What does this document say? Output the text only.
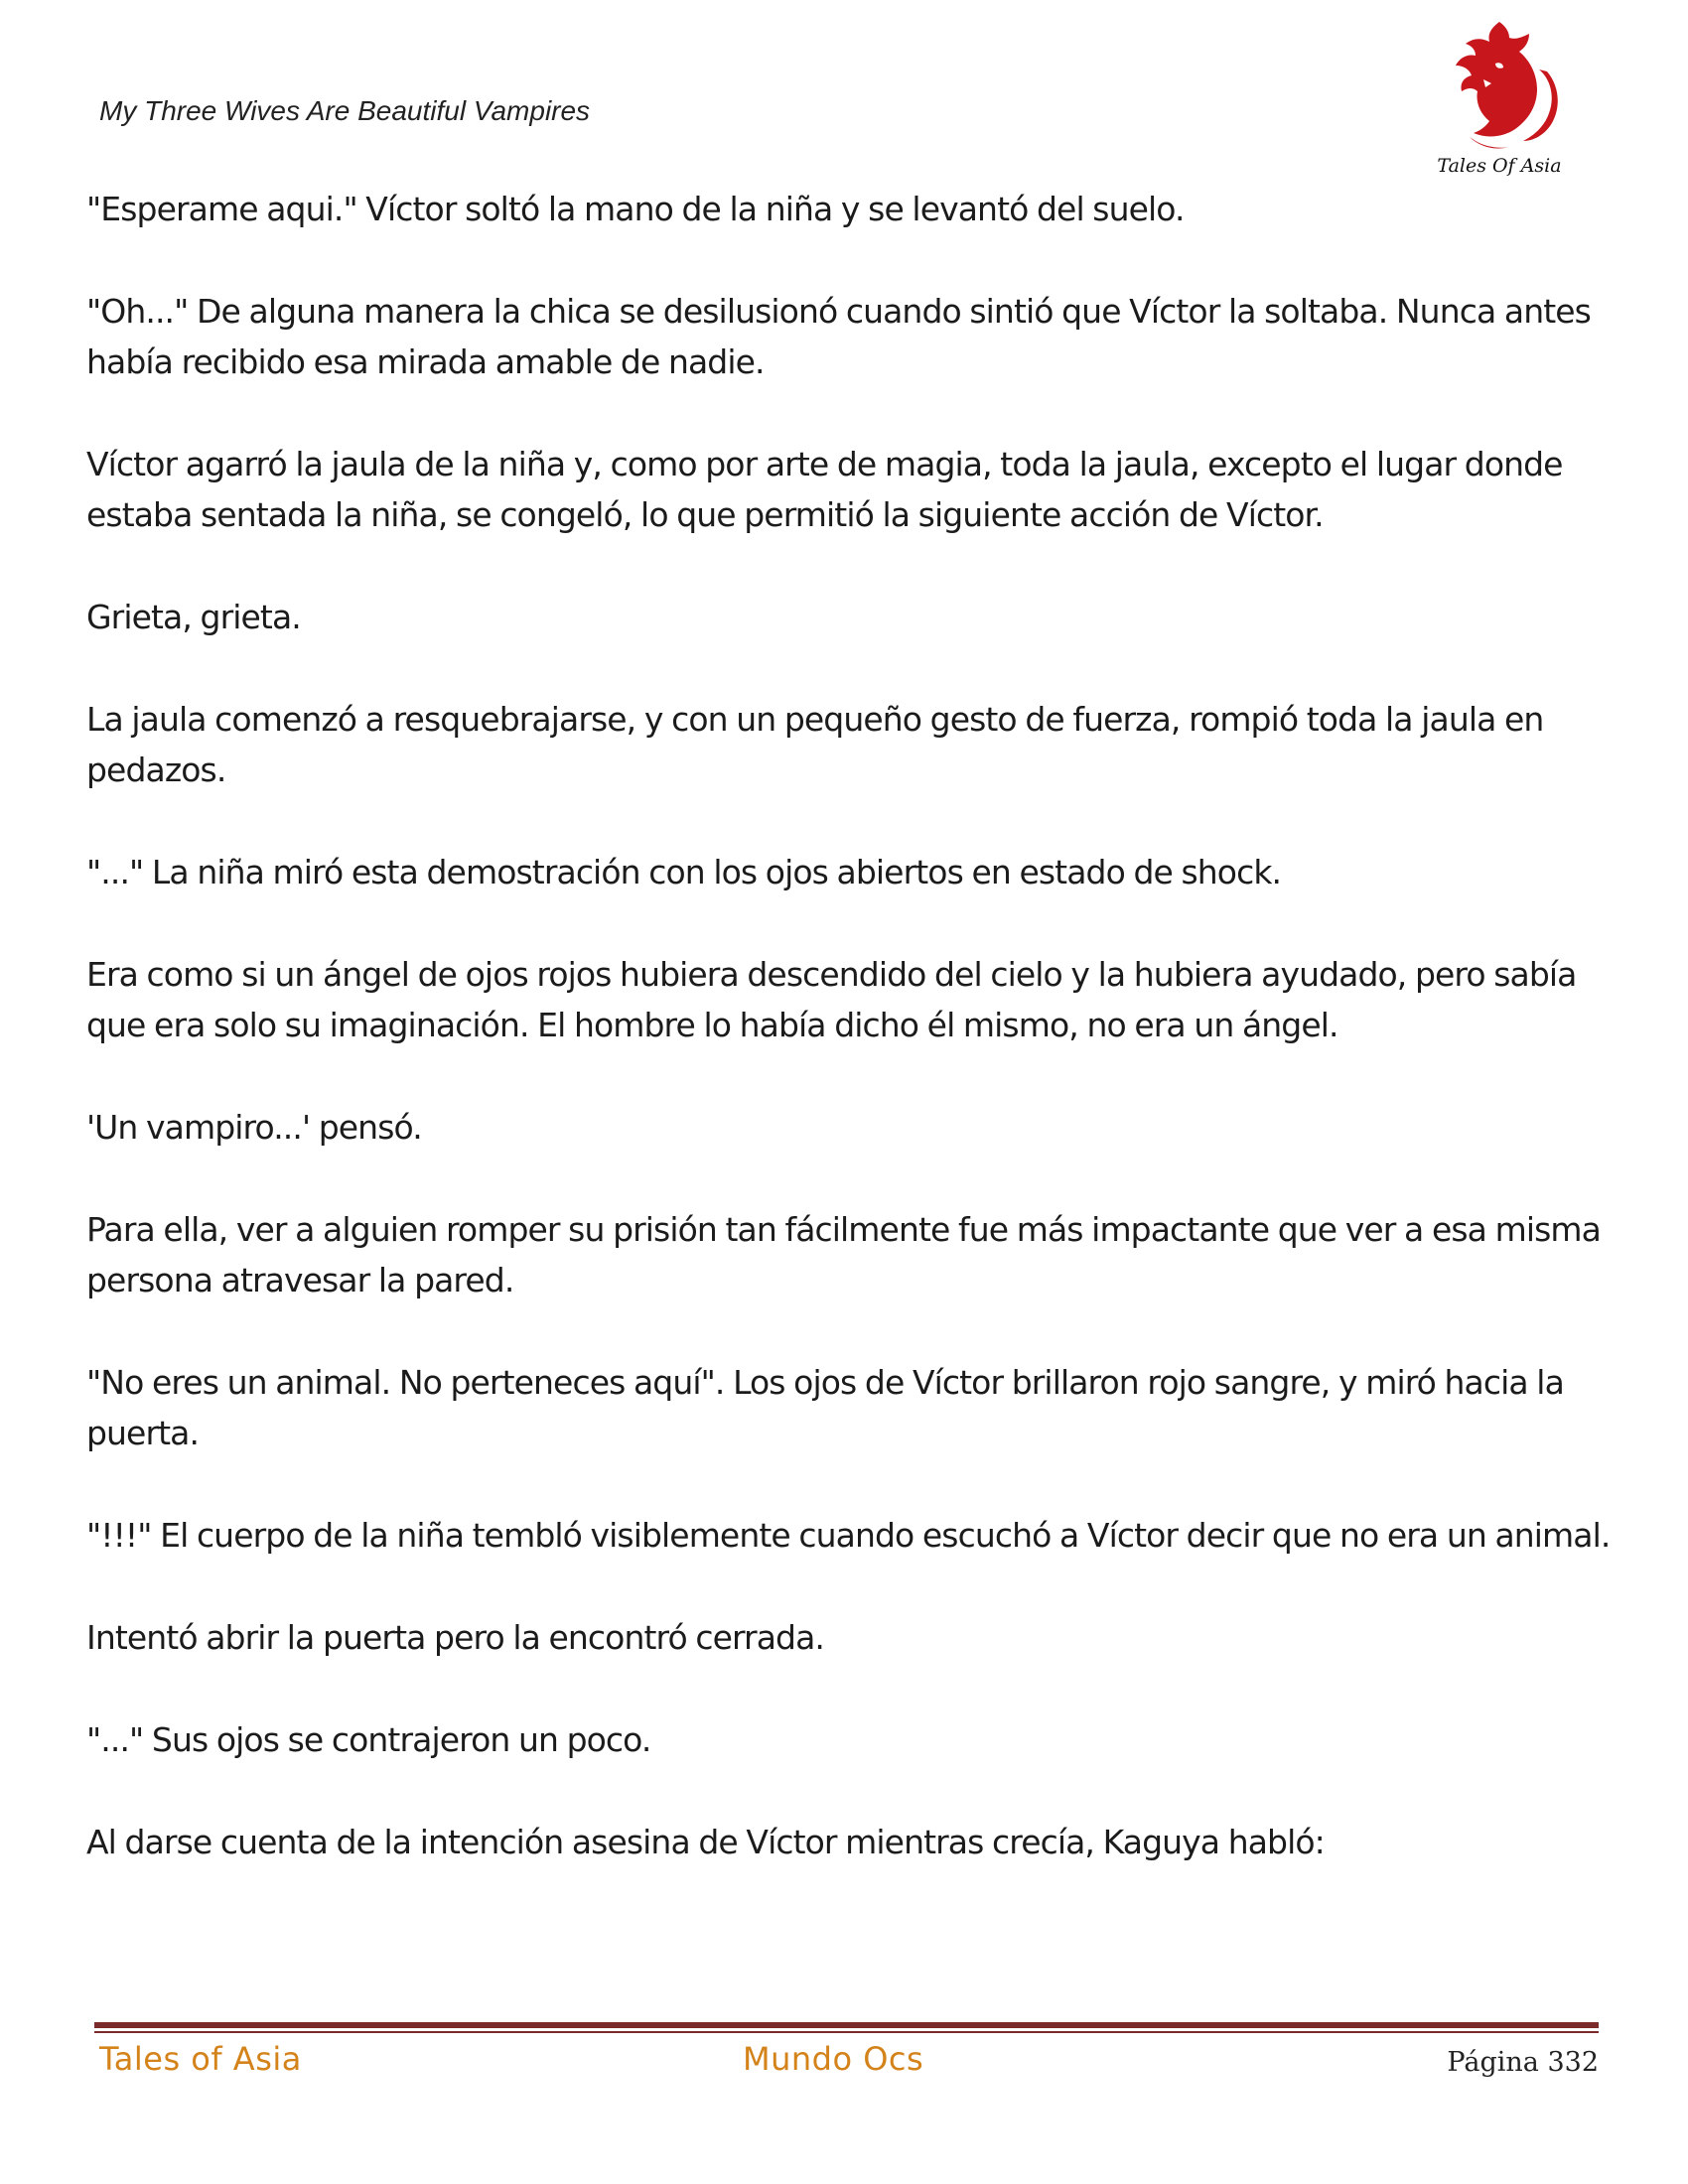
My Three Wives Are Beautiful Vampires
Tales Of Asia

"Esperame aqui." Víctor soltó la mano de la niña y se levantó del suelo.

"Oh..." De alguna manera la chica se desilusionó cuando sintió que Víctor la soltaba. Nunca antes había recibido esa mirada amable de nadie.

Víctor agarró la jaula de la niña y, como por arte de magia, toda la jaula, excepto el lugar donde estaba sentada la niña, se congeló, lo que permitió la siguiente acción de Víctor.

Grieta, grieta.

La jaula comenzó a resquebrajarse, y con un pequeño gesto de fuerza, rompió toda la jaula en pedazos.

"..." La niña miró esta demostración con los ojos abiertos en estado de shock.

Era como si un ángel de ojos rojos hubiera descendido del cielo y la hubiera ayudado, pero sabía que era solo su imaginación. El hombre lo había dicho él mismo, no era un ángel.

'Un vampiro...' pensó.

Para ella, ver a alguien romper su prisión tan fácilmente fue más impactante que ver a esa misma persona atravesar la pared.

"No eres un animal. No perteneces aquí". Los ojos de Víctor brillaron rojo sangre, y miró hacia la puerta.

"!!!" El cuerpo de la niña tembló visiblemente cuando escuchó a Víctor decir que no era un animal.

Intentó abrir la puerta pero la encontró cerrada.

"..." Sus ojos se contrajeron un poco.

Al darse cuenta de la intención asesina de Víctor mientras crecía, Kaguya habló:

Tales of Asia	Mundo Ocs	Página 332
